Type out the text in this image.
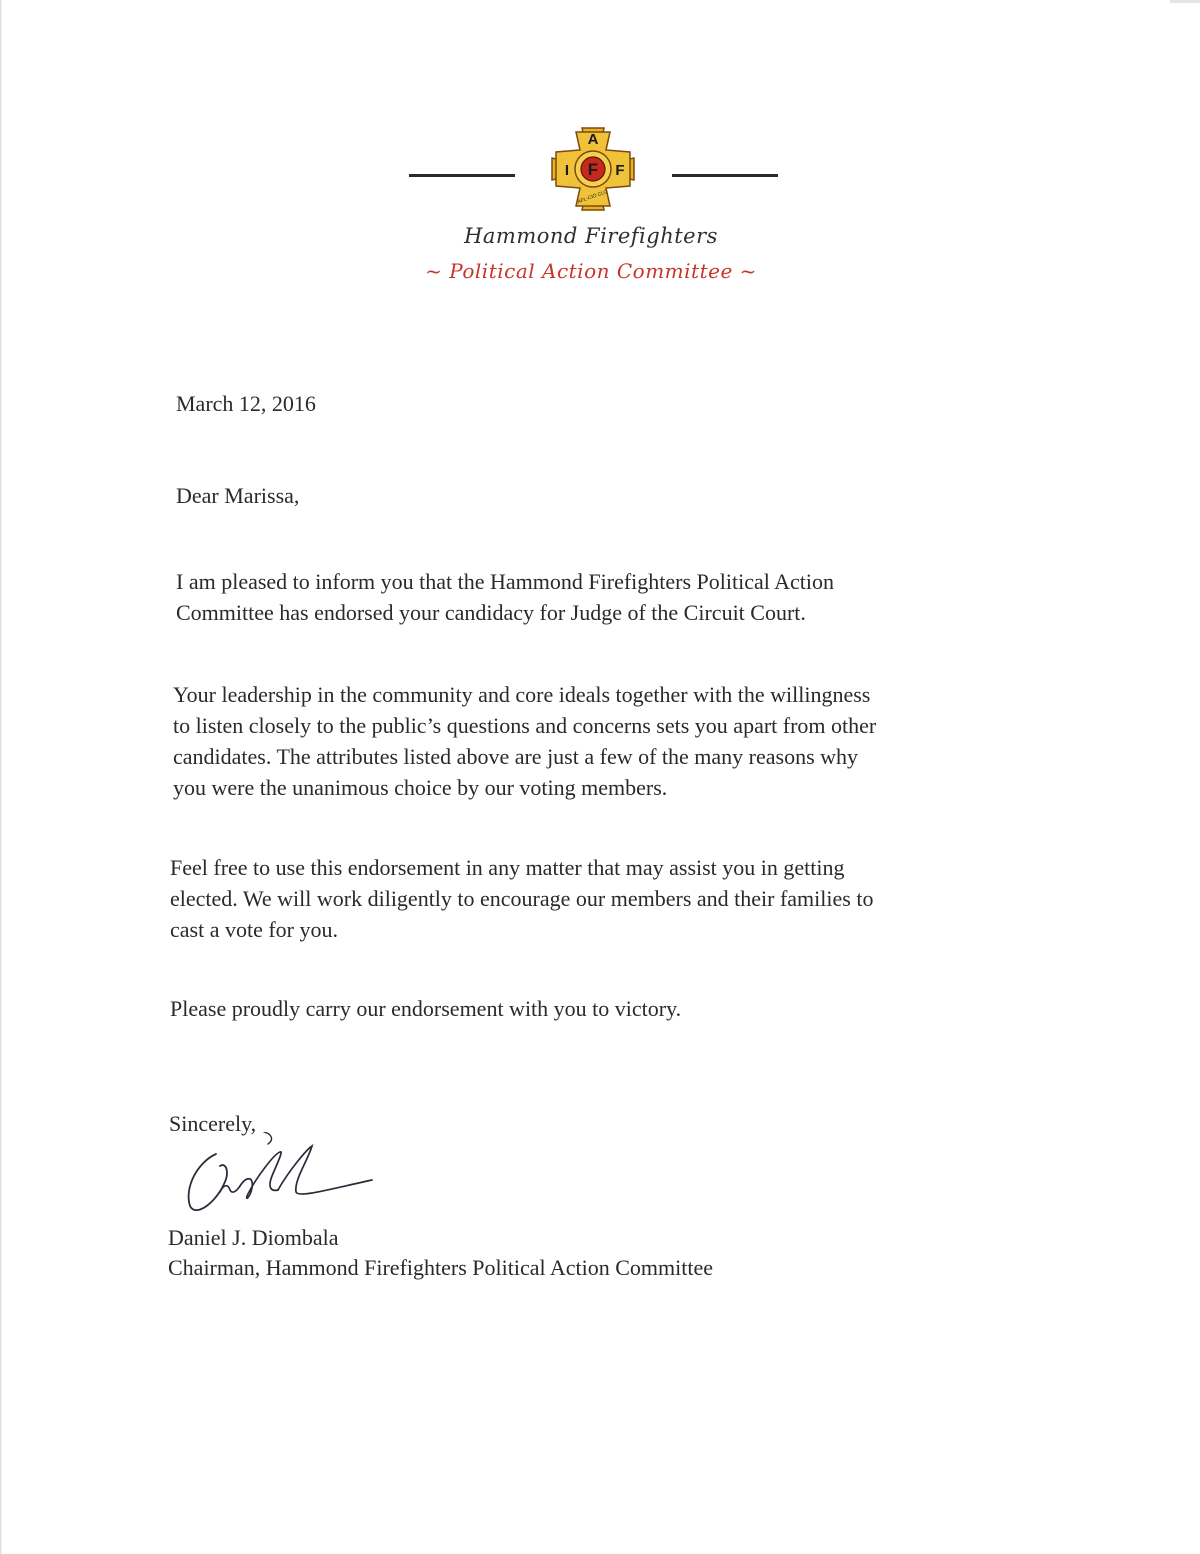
F
A
I	F
AFL-CIO CLC
Hammond Firefighters
~ Political Action Committee ~

March 12, 2016

Dear Marissa,

I am pleased to inform you that the Hammond Firefighters Political Action
Committee has endorsed your candidacy for Judge of the Circuit Court.

Your leadership in the community and core ideals together with the willingness
to listen closely to the public’s questions and concerns sets you apart from other
candidates. The attributes listed above are just a few of the many reasons why
you were the unanimous choice by our voting members.

Feel free to use this endorsement in any matter that may assist you in getting
elected. We will work diligently to encourage our members and their families to
cast a vote for you.

Please proudly carry our endorsement with you to victory.

Sincerely,

Daniel J. Diombala

Chairman, Hammond Firefighters Political Action Committee
